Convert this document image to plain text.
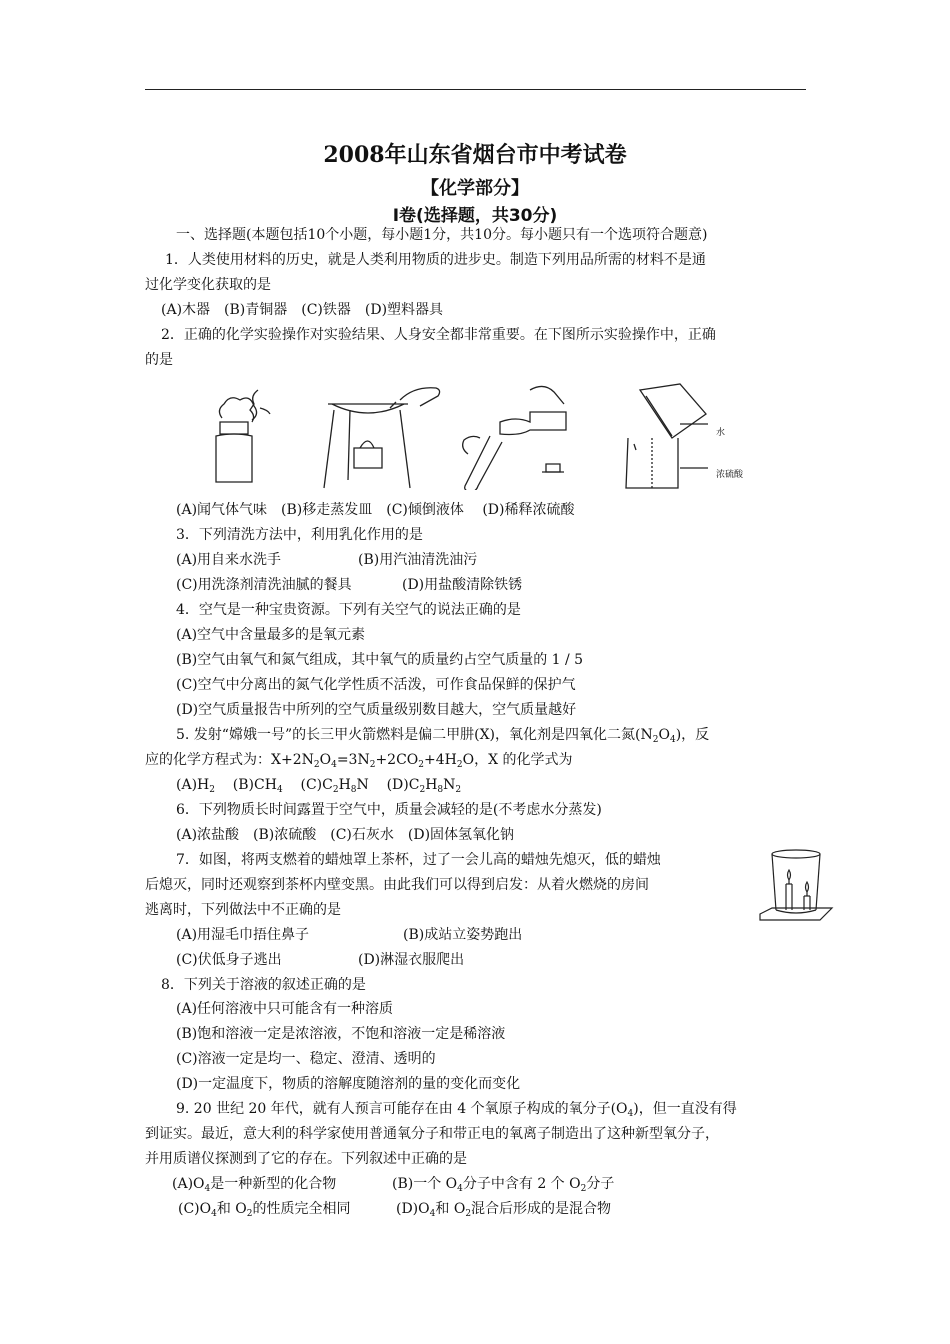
2008年山东省烟台市中考试卷
【化学部分】
Ⅰ卷(选择题，共30分)
一、选择题(本题包括10个小题，每小题1分，共10分。每小题只有一个选项符合题意)
1．人类使用材料的历史，就是人类利用物质的进步史。制造下列用品所需的材料不是通
过化学变化获取的是
(A)木器　(B)青铜器　(C)铁器　(D)塑料器具
2．正确的化学实验操作对实验结果、人身安全都非常重要。在下图所示实验操作中，正确
的是
水
浓硫酸
(A)闻气体气味　(B)移走蒸发皿　(C)倾倒液体　 (D)稀释浓硫酸
3．下列清洗方法中，利用乳化作用的是
(A)用自来水洗手	(B)用汽油清洗油污
(C)用洗涤剂清洗油腻的餐具	(D)用盐酸清除铁锈
4．空气是一种宝贵资源。下列有关空气的说法正确的是
(A)空气中含量最多的是氧元素
(B)空气由氧气和氮气组成，其中氧气的质量约占空气质量的 1 / 5
(C)空气中分离出的氮气化学性质不活泼，可作食品保鲜的保护气
(D)空气质量报告中所列的空气质量级别数目越大，空气质量越好
5. 发射“嫦娥一号”的长三甲火箭燃料是偏二甲肼(X)，氧化剂是四氧化二氮$(N_2O_4)$，反
应的化学方程式为：$X+2N_2O_4=3N_2+2CO_2+4H_2O$，X 的化学式为
$(A)H_2$ $(B)CH_4$ $(C)C_2H_8N$ $(D)C_2H_8N_2$
6．下列物质长时间露置于空气中，质量会减轻的是(不考虑水分蒸发)
(A)浓盐酸　(B)浓硫酸　(C)石灰水　(D)固体氢氧化钠
7．如图，将两支燃着的蜡烛罩上茶杯，过了一会儿高的蜡烛先熄灭，低的蜡烛
后熄灭，同时还观察到茶杯内壁变黑。由此我们可以得到启发：从着火燃烧的房间
逃离时，下列做法中不正确的是
(A)用湿毛巾捂住鼻子	(B)成站立姿势跑出
(C)伏低身子逃出	(D)淋湿衣服爬出
8．下列关于溶液的叙述正确的是
(A)任何溶液中只可能含有一种溶质
(B)饱和溶液一定是浓溶液，不饱和溶液一定是稀溶液
(C)溶液一定是均一、稳定、澄清、透明的
(D)一定温度下，物质的溶解度随溶剂的量的变化而变化
9. 20 世纪 20 年代，就有人预言可能存在由 4 个氧原子构成的氧分子$(O_4)$，但一直没有得
到证实。最近，意大利的科学家使用普通氧分子和带正电的氧离子制造出了这种新型氧分子，
并用质谱仪探测到了它的存在。下列叙述中正确的是
$(A)O_4$是一种新型的化合物	(B)一个 $O_4$分子中含有 2 个 $O_2$分子
$(C)O_4$和 $O_2$的性质完全相同	$(D)O_4$和 $O_2$混合后形成的是混合物
